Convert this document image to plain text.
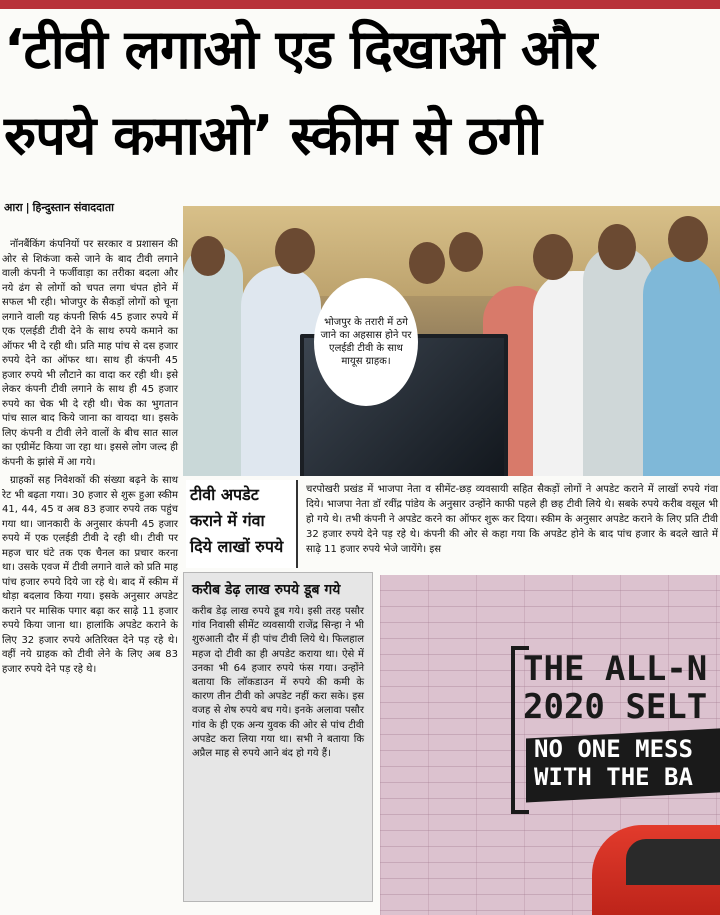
‘टीवी लगाओ एड दिखाओ और
रुपये कमाओ’ स्कीम से ठगी
आरा | हिन्दुस्तान संवाददाता

नॉनबैंकिंग कंपनियों पर सरकार व प्रशासन की ओर से शिकंजा कसे जाने के बाद टीवी लगाने वाली कंपनी ने फर्जीवाड़ा का तरीका बदला और नये ढंग से लोगों को चपत लगा चंपत होने में सफल भी रही। भोजपुर के सैकड़ों लोगों को चूना लगाने वाली यह कंपनी सिर्फ 45 हजार रुपये में एक एलईडी टीवी देने के साथ रुपये कमाने का ऑफर भी दे रही थी। प्रति माह पांच से दस हजार रुपये देने का ऑफर था। साथ ही कंपनी 45 हजार रुपये भी लौटाने का वादा कर रही थी। इसे लेकर कंपनी टीवी लगाने के साथ ही 45 हजार रुपये का चेक भी दे रही थी। चेक का भुगतान पांच साल बाद किये जाना का वायदा था। इसके लिए कंपनी व टीवी लेने वालों के बीच सात साल का एग्रीमेंट किया जा रहा था। इससे लोग जल्द ही कंपनी के झांसे में आ गये।

ग्राहकों सह निवेशकों की संख्या बढ़ने के साथ रेट भी बढ़ता गया। 30 हजार से शुरू हुआ स्कीम 41, 44, 45 व अब 83 हजार रुपये तक पहुंच गया था। जानकारी के अनुसार कंपनी 45 हजार रुपये में एक एलईडी टीवी दे रही थी। टीवी पर महज चार घंटे तक एक चैनल का प्रचार करना था। उसके एवज में टीवी लगाने वाले को प्रति माह पांच हजार रुपये दिये जा रहे थे। बाद में स्कीम में थोड़ा बदलाव किया गया। इसके अनुसार अपडेट कराने पर मासिक पगार बढ़ा कर साढ़े 11 हजार रुपये किया जाना था। हालांकि अपडेट कराने के लिए 32 हजार रुपये अतिरिक्त देने पड़ रहे थे। वहीं नये ग्राहक को टीवी लेने के लिए अब 83 हजार रुपये देने पड़ रहे थे।

भोजपुर के तरारी में ठगे जाने का अहसास होने पर एलईडी टीवी के साथ मायूस ग्राहक।
टीवी अपडेट कराने में गंवा दिये लाखों रुपये
चरपोखरी प्रखंड में भाजपा नेता व सीमेंट-छड़ व्यवसायी सहित सैकड़ों लोगों ने अपडेट कराने में लाखों रुपये गंवा दिये। भाजपा नेता डॉ रवींद्र पांडेय के अनुसार उन्होंने काफी पहले ही छह टीवी लिये थे। सबके रुपये करीब वसूल भी हो गये थे। तभी कंपनी ने अपडेट करने का ऑफर शुरू कर दिया। स्कीम के अनुसार अपडेट कराने के लिए प्रति टीवी 32 हजार रुपये देने पड़ रहे थे। कंपनी की ओर से कहा गया कि अपडेट होने के बाद पांच हजार के बदले खाते में साढ़े 11 हजार रुपये भेजे जायेंगे। इस
करीब डेढ़ लाख रुपये डूब गये
करीब डेढ़ लाख रुपये डूब गये। इसी तरह पसौर गांव निवासी सीमेंट व्यवसायी राजेंद्र सिन्हा ने भी शुरुआती दौर में ही पांच टीवी लिये थे। फिलहाल महज दो टीवी का ही अपडेट कराया था। ऐसे में उनका भी 64 हजार रुपये फंस गया। उन्होंने बताया कि लॉकडाउन में रुपये की कमी के कारण तीन टीवी को अपडेट नहीं करा सके। इस वजह से शेष रुपये बच गये। इनके अलावा पसौर गांव के ही एक अन्य युवक की ओर से पांच टीवी अपडेट करा लिया गया था। सभी ने बताया कि अप्रैल माह से रुपये आने बंद हो गये हैं।
THE ALL-N
2020 SELT
NO ONE MESS
WITH THE BA
